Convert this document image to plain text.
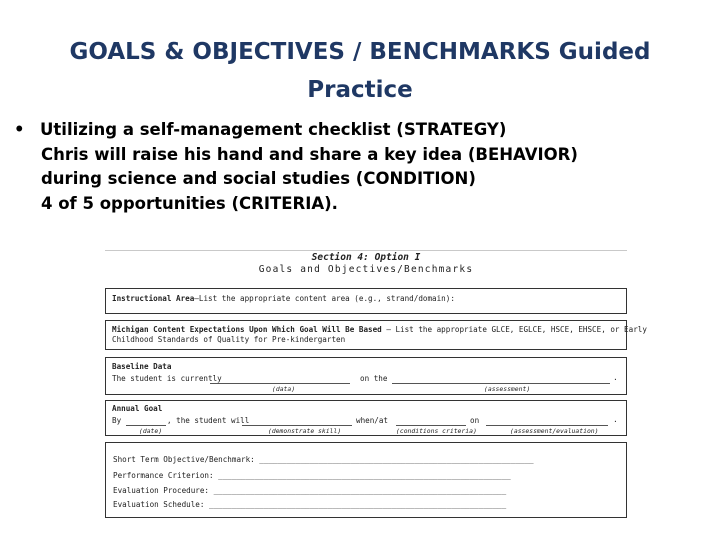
GOALS & OBJECTIVES / BENCHMARKS Guided
Practice
• Utilizing a self-management checklist (STRATEGY)
Chris will raise his hand and share a key idea (BEHAVIOR)
during science and social studies (CONDITION)
4 of 5 opportunities (CRITERIA).
Section 4: Option I
Goals and Objectives/Benchmarks
Instructional Area—List the appropriate content area (e.g., strand/domain):
Michigan Content Expectations Upon Which Goal Will Be Based – List the appropriate GLCE, EGLCE, HSCE, EHSCE, or Early
Childhood Standards of Quality for Pre-kindergarten
Baseline Data
The student is currently	on the	.
(data)	(assessment)
Annual Goal
By	, the student will	when/at	on	.
(date)	(demonstrate skill)	(conditions criteria)	(assessment/evaluation)
Short Term Objective/Benchmark: ____________________________________________________________
Performance Criterion: ________________________________________________________________
Evaluation Procedure: ________________________________________________________________
Evaluation Schedule: _________________________________________________________________
